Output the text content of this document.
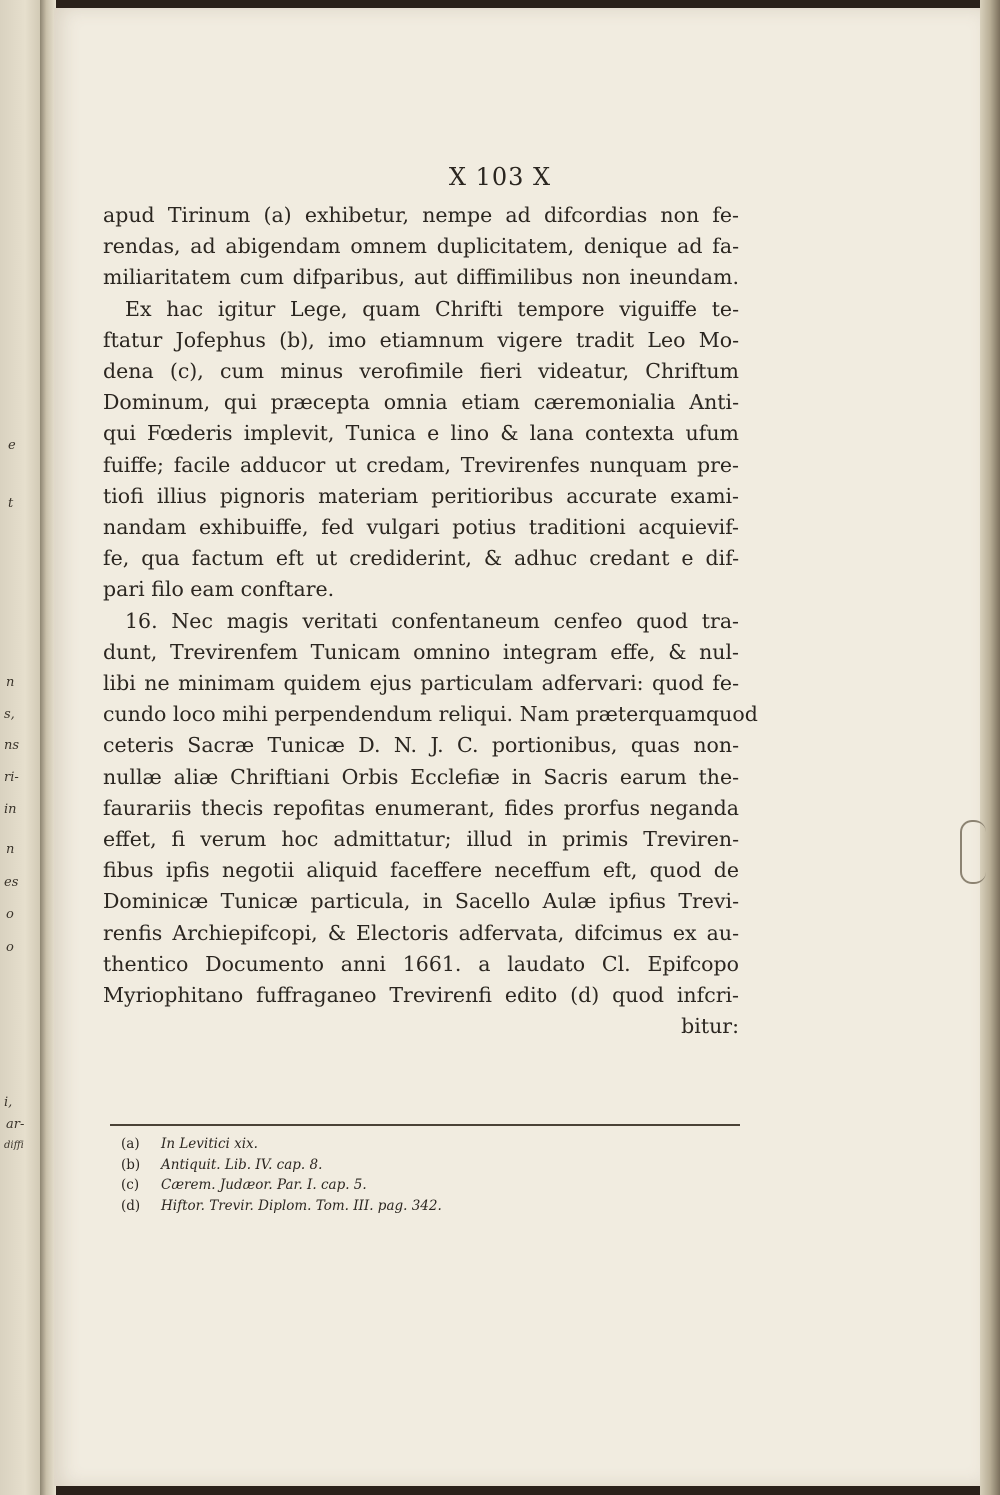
e
t
n
s,
ns
ri-
in
n
es
o
o
i,
ar-
diffi
X 103 X
apud Tirinum (a) exhibetur, nempe ad difcordias non fe-
rendas, ad abigendam omnem duplicitatem, denique ad fa-
miliaritatem cum difparibus, aut diffimilibus non ineundam.
Ex hac igitur Lege, quam Chrifti tempore viguiffe te-
ftatur Jofephus (b), imo etiamnum vigere tradit Leo Mo-
dena (c), cum minus verofimile fieri videatur, Chriftum
Dominum, qui præcepta omnia etiam cæremonialia Anti-
qui Fœderis implevit, Tunica e lino & lana contexta ufum
fuiffe; facile adducor ut credam, Trevirenfes nunquam pre-
tiofi illius pignoris materiam peritioribus accurate exami-
nandam exhibuiffe, fed vulgari potius traditioni acquievif-
fe, qua factum eft ut crediderint, & adhuc credant e dif-
pari filo eam conftare.
16. Nec magis veritati confentaneum cenfeo quod tra-
dunt, Trevirenfem Tunicam omnino integram effe, & nul-
libi ne minimam quidem ejus particulam adfervari: quod fe-
cundo loco mihi perpendendum reliqui. Nam præterquamquod
ceteris Sacræ Tunicæ D. N. J. C. portionibus, quas non-
nullæ aliæ Chriftiani Orbis Ecclefiæ in Sacris earum the-
faurariis thecis repofitas enumerant, fides prorfus neganda
effet, fi verum hoc admittatur; illud in primis Treviren-
fibus ipfis negotii aliquid faceffere neceffum eft, quod de
Dominicæ Tunicæ particula, in Sacello Aulæ ipfius Trevi-
renfis Archiepifcopi, & Electoris adfervata, difcimus ex au-
thentico Documento anni 1661. a laudato Cl. Epifcopo
Myriophitano fuffraganeo Trevirenfi edito (d) quod infcri-
bitur:
(a) In Levitici xix.
(b) Antiquit. Lib. IV. cap. 8.
(c) Cærem. Judæor. Par. I. cap. 5.
(d) Hiftor. Trevir. Diplom. Tom. III. pag. 342.
